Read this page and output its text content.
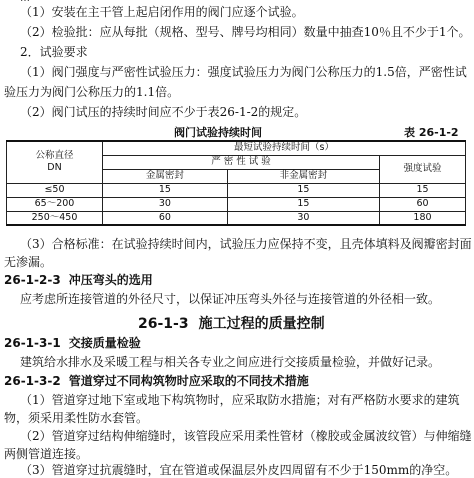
（1）安装在主干管上起启闭作用的阀门应逐个试验。
（2）检验批：应从每批（规格、型号、牌号均相同）数量中抽查10％且不少于1个。
2．试验要求
（1）阀门强度与严密性试验压力：强度试验压力为阀门公称压力的1.5倍，严密性试
验压力为阀门公称压力的1.1倍。
（2）阀门试压的持续时间应不少于表26-1-2的规定。
阀门试验持续时间	表 26-1-2
公称直径
DN	最短试验持续时间（s）		
	严 密 性 试 验		强度试验
	金属密封	非金属密封	
≤50	15	15	15
65～200	30	15	60
250～450	60	30	180
（3）合格标准：在试验持续时间内，试验压力应保持不变，且壳体填料及阀瓣密封面
无渗漏。
26-1-2-3 冲压弯头的选用
应考虑所连接管道的外径尺寸，以保证冲压弯头外径与连接管道的外径相一致。
26-1-3 施工过程的质量控制
26-1-3-1 交接质量检验
建筑给水排水及采暖工程与相关各专业之间应进行交接质量检验，并做好记录。
26-1-3-2 管道穿过不同构筑物时应采取的不同技术措施
（1）管道穿过地下室或地下构筑物时，应采取防水措施；对有严格防水要求的建筑
物，须采用柔性防水套管。
（2）管道穿过结构伸缩缝时，该管段应采用柔性管材（橡胶或金属波纹管）与伸缩缝
两侧管道连接。
（3）管道穿过抗震缝时，宜在管道或保温层外皮四周留有不少于150mm的净空。
